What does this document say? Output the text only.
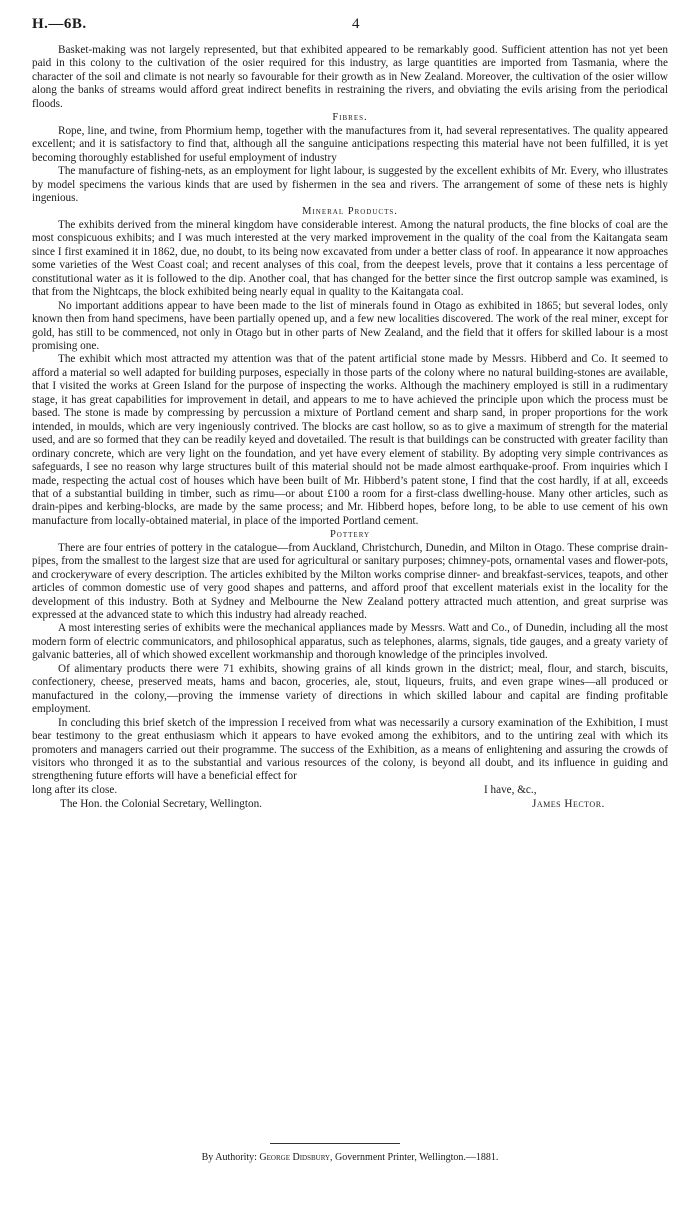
H.—6B.	4

Basket-making was not largely represented, but that exhibited appeared to be remarkably good. Sufficient attention has not yet been paid in this colony to the cultivation of the osier required for this industry, as large quantities are imported from Tasmania, where the character of the soil and climate is not nearly so favourable for their growth as in New Zealand. Moreover, the cultivation of the osier willow along the banks of streams would afford great indirect benefits in restraining the rivers, and obviating the evils arising from the periodical floods.

Fibres.

Rope, line, and twine, from Phormium hemp, together with the manufactures from it, had several representatives. The quality appeared excellent; and it is satisfactory to find that, although all the sanguine anticipations respecting this material have not been fulfilled, it is yet becoming thoroughly established for useful employment of industry

The manufacture of fishing-nets, as an employment for light labour, is suggested by the excellent exhibits of Mr. Every, who illustrates by model specimens the various kinds that are used by fishermen in the sea and rivers. The arrangement of some of these nets is highly ingenious.

Mineral Products.

The exhibits derived from the mineral kingdom have considerable interest. Among the natural products, the fine blocks of coal are the most conspicuous exhibits; and I was much interested at the very marked improvement in the quality of the coal from the Kaitangata seam since I first examined it in 1862, due, no doubt, to its being now excavated from under a better class of roof. In appearance it now approaches some varieties of the West Coast coal; and recent analyses of this coal, from the deepest levels, prove that it contains a less percentage of constitutional water as it is followed to the dip. Another coal, that has changed for the better since the first outcrop sample was examined, is that from the Nightcaps, the block exhibited being nearly equal in quality to the Kaitangata coal.

No important additions appear to have been made to the list of minerals found in Otago as exhibited in 1865; but several lodes, only known then from hand specimens, have been partially opened up, and a few new localities discovered. The work of the real miner, except for gold, has still to be commenced, not only in Otago but in other parts of New Zealand, and the field that it offers for skilled labour is a most promising one.

The exhibit which most attracted my attention was that of the patent artificial stone made by Messrs. Hibberd and Co. It seemed to afford a material so well adapted for building purposes, especially in those parts of the colony where no natural building-stones are available, that I visited the works at Green Island for the purpose of inspecting the works. Although the machinery employed is still in a rudimentary stage, it has great capabilities for improvement in detail, and appears to me to have achieved the principle upon which the process must be based. The stone is made by compressing by percussion a mixture of Portland cement and sharp sand, in proper proportions for the work intended, in moulds, which are very ingeniously contrived. The blocks are cast hollow, so as to give a maximum of strength for the material used, and are so formed that they can be readily keyed and dovetailed. The result is that buildings can be constructed with greater facility than ordinary concrete, which are very light on the foundation, and yet have every element of stability. By adopting very simple contrivances as safeguards, I see no reason why large structures built of this material should not be made almost earthquake-proof. From inquiries which I made, respecting the actual cost of houses which have been built of Mr. Hibberd’s patent stone, I find that the cost hardly, if at all, exceeds that of a substantial building in timber, such as rimu—or about £100 a room for a first-class dwelling-house. Many other articles, such as drain-pipes and kerbing-blocks, are made by the same process; and Mr. Hibberd hopes, before long, to be able to use cement of his own manufacture from locally-obtained material, in place of the imported Portland cement.

Pottery

There are four entries of pottery in the catalogue—from Auckland, Christchurch, Dunedin, and Milton in Otago. These comprise drain-pipes, from the smallest to the largest size that are used for agricultural or sanitary purposes; chimney-pots, ornamental vases and flower-pots, and crockeryware of every description. The articles exhibited by the Milton works comprise dinner- and breakfast-services, teapots, and other articles of common domestic use of very good shapes and patterns, and afford proof that excellent materials exist in the locality for the development of this industry. Both at Sydney and Melbourne the New Zealand pottery attracted much attention, and great surprise was expressed at the advanced state to which this industry had already reached.

A most interesting series of exhibits were the mechanical appliances made by Messrs. Watt and Co., of Dunedin, including all the most modern form of electric communicators, and philosophical apparatus, such as telephones, alarms, signals, tide gauges, and a greaty variety of galvanic batteries, all of which showed excellent workmanship and thorough knowledge of the principles involved.

Of alimentary products there were 71 exhibits, showing grains of all kinds grown in the district; meal, flour, and starch, biscuits, confectionery, cheese, preserved meats, hams and bacon, groceries, ale, stout, liqueurs, fruits, and even grape wines—all produced or manufactured in the colony,—proving the immense variety of directions in which skilled labour and capital are finding profitable employment.

In concluding this brief sketch of the impression I received from what was necessarily a cursory examination of the Exhibition, I must bear testimony to the great enthusiasm which it appears to have evoked among the exhibitors, and to the untiring zeal with which its promoters and managers carried out their programme. The success of the Exhibition, as a means of enlightening and assuring the crowds of visitors who thronged it as to the substantial and various resources of the colony, is beyond all doubt, and its influence in guiding and strengthening future efforts will have a beneficial effect for

long after its close.	I have, &c.,
The Hon. the Colonial Secretary, Wellington.	James Hector.
By Authority: George Didsbury, Government Printer, Wellington.—1881.
